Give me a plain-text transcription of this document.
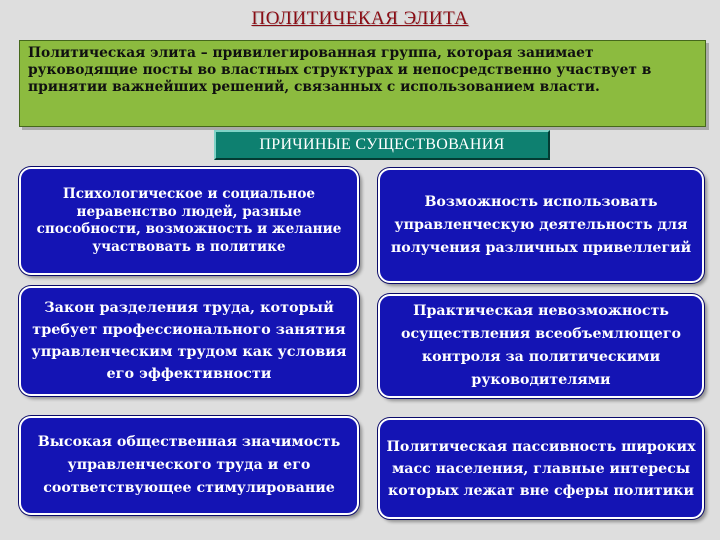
ПОЛИТИЧЕКАЯ ЭЛИТА
Политическая элита – привилегированная группа, которая занимает руководящие посты во властных структурах и непосредственно участвует в принятии важнейших решений, связанных с использованием власти.
ПРИЧИНЫЕ СУЩЕСТВОВАНИЯ
Психологическое и социальное неравенство людей, разные способности, возможность и желание участвовать в политике
Возможность использовать управленческую деятельность для получения различных привеллегий
Закон разделения труда, который требует профессионального занятия управленческим трудом как условия его эффективности
Практическая невозможность осуществления всеобъемлющего контроля за политическими руководителями
Высокая общественная значимость управленческого труда и его соответствующее стимулирование
Политическая пассивность широких масс населения, главные интересы которых лежат вне сферы политики
